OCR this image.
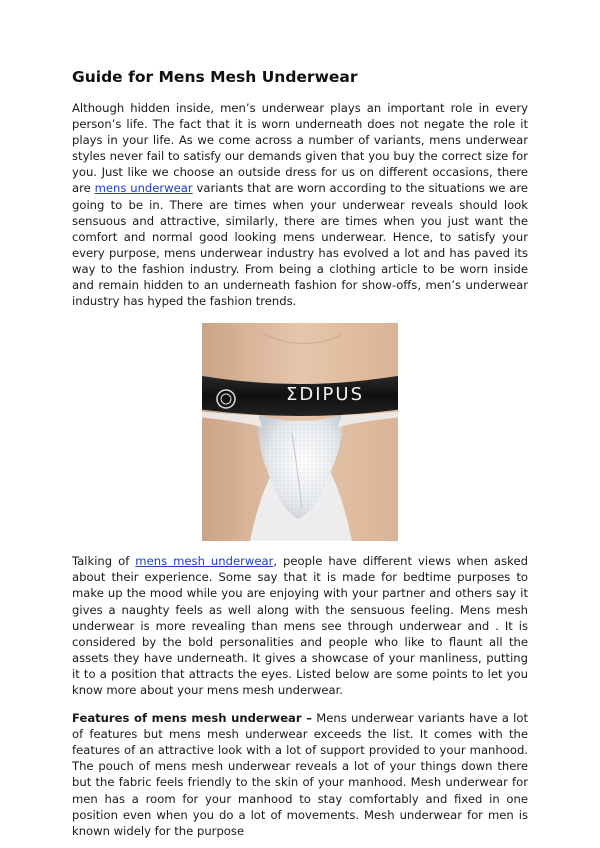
Guide for Mens Mesh Underwear

Although hidden inside, men’s underwear plays an important role in every person’s life. The fact that it is worn underneath does not negate the role it plays in your life. As we come across a number of variants, mens underwear styles never fail to satisfy our demands given that you buy the correct size for you. Just like we choose an outside dress for us on different occasions, there are mens underwear variants that are worn according to the situations we are going to be in. There are times when your underwear reveals should look sensuous and attractive, similarly, there are times when you just want the comfort and normal good looking mens underwear. Hence, to satisfy your every purpose, mens underwear industry has evolved a lot and has paved its way to the fashion industry. From being a clothing article to be worn inside and remain hidden to an underneath fashion for show-offs, men’s underwear industry has hyped the fashion trends.

ΣDIPUS

Talking of mens mesh underwear, people have different views when asked about their experience. Some say that it is made for bedtime purposes to make up the mood while you are enjoying with your partner and others say it gives a naughty feels as well along with the sensuous feeling. Mens mesh underwear is more revealing than mens see through underwear and . It is considered by the bold personalities and people who like to flaunt all the assets they have underneath. It gives a showcase of your manliness, putting it to a position that attracts the eyes. Listed below are some points to let you know more about your mens mesh underwear.

Features of mens mesh underwear – Mens underwear variants have a lot of features but mens mesh underwear exceeds the list. It comes with the features of an attractive look with a lot of support provided to your manhood. The pouch of mens mesh underwear reveals a lot of your things down there but the fabric feels friendly to the skin of your manhood. Mesh underwear for men has a room for your manhood to stay comfortably and fixed in one position even when you do a lot of movements. Mesh underwear for men is known widely for the purpose
